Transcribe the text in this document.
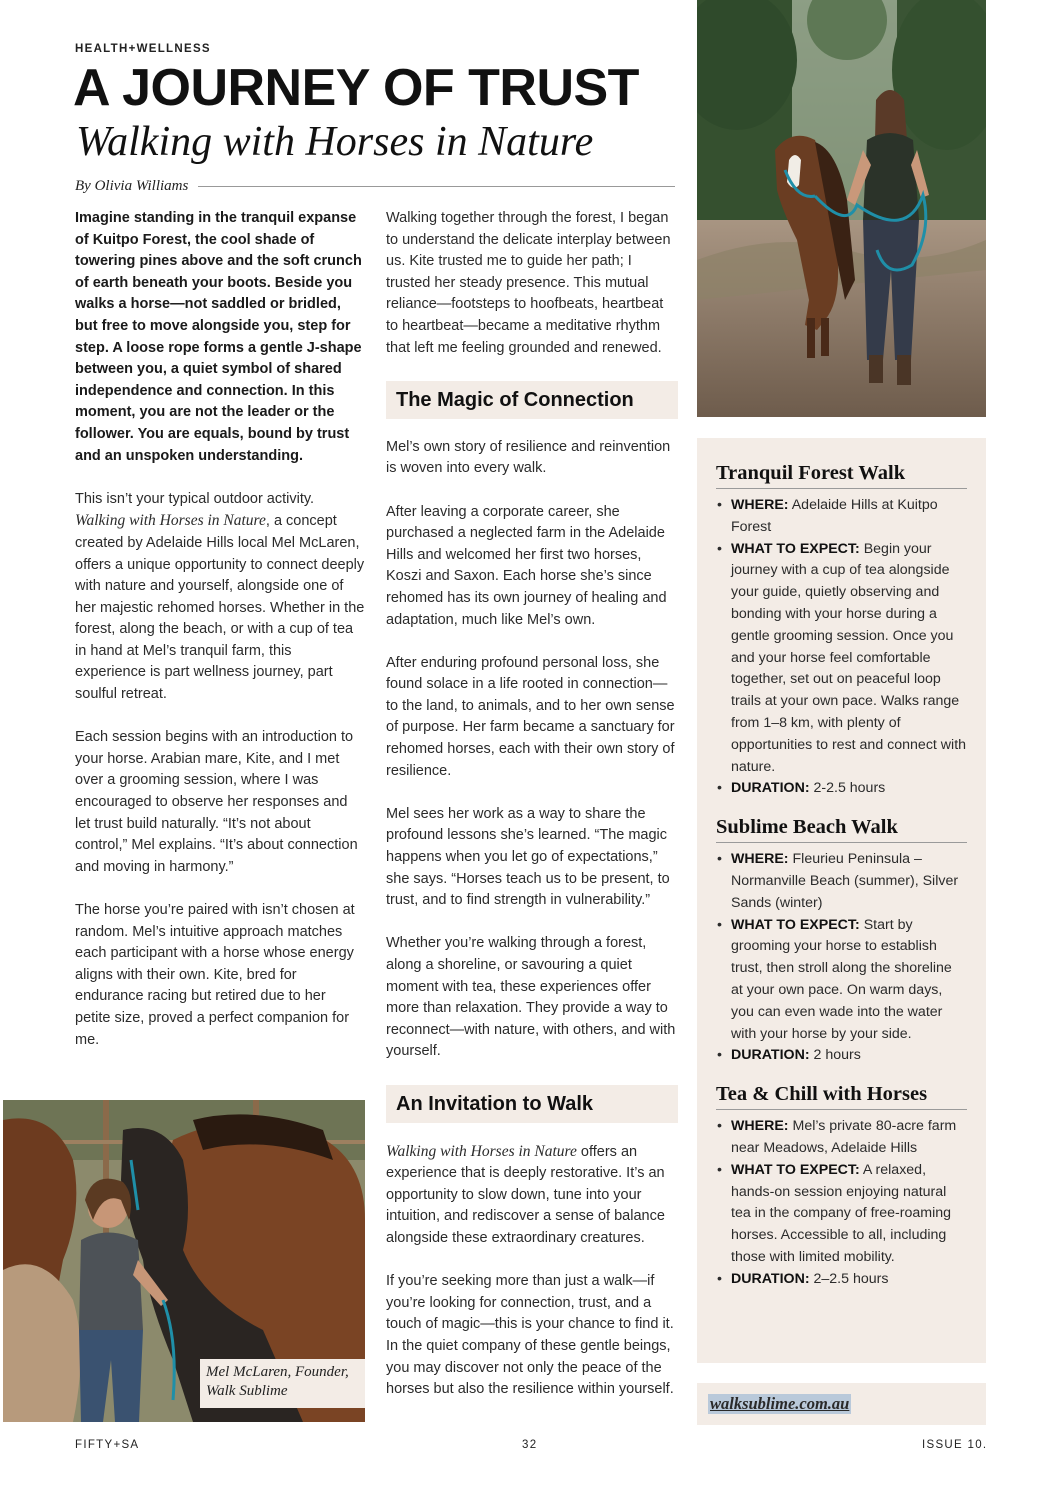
HEALTH+WELLNESS
A JOURNEY OF TRUST
Walking with Horses in Nature
By Olivia Williams

Imagine standing in the tranquil expanse of Kuitpo Forest, the cool shade of towering pines above and the soft crunch of earth beneath your boots. Beside you walks a horse—not saddled or bridled, but free to move alongside you, step for step. A loose rope forms a gentle J-shape between you, a quiet symbol of shared independence and connection. In this moment, you are not the leader or the follower. You are equals, bound by trust and an unspoken understanding.

This isn’t your typical outdoor activity. Walking with Horses in Nature, a concept created by Adelaide Hills local Mel McLaren, offers a unique opportunity to connect deeply with nature and yourself, alongside one of her majestic rehomed horses. Whether in the forest, along the beach, or with a cup of tea in hand at Mel’s tranquil farm, this experience is part wellness journey, part soulful retreat.

Each session begins with an introduction to your horse. Arabian mare, Kite, and I met over a grooming session, where I was encouraged to observe her responses and let trust build naturally. “It’s not about control,” Mel explains. “It’s about connection and moving in harmony.”

The horse you’re paired with isn’t chosen at random. Mel’s intuitive approach matches each participant with a horse whose energy aligns with their own. Kite, bred for endurance racing but retired due to her petite size, proved a perfect companion for me.

Walking together through the forest, I began to understand the delicate interplay between us. Kite trusted me to guide her path; I trusted her steady presence. This mutual reliance—footsteps to hoofbeats, heartbeat to heartbeat—became a meditative rhythm that left me feeling grounded and renewed.

The Magic of Connection

Mel’s own story of resilience and reinvention is woven into every walk.

After leaving a corporate career, she purchased a neglected farm in the Adelaide Hills and welcomed her first two horses, Koszi and Saxon. Each horse she’s since rehomed has its own journey of healing and adaptation, much like Mel’s own.

After enduring profound personal loss, she found solace in a life rooted in connection—to the land, to animals, and to her own sense of purpose. Her farm became a sanctuary for rehomed horses, each with their own story of resilience.

Mel sees her work as a way to share the profound lessons she’s learned. “The magic happens when you let go of expectations,” she says. “Horses teach us to be present, to trust, and to find strength in vulnerability.”

Whether you’re walking through a forest, along a shoreline, or savouring a quiet moment with tea, these experiences offer more than relaxation. They provide a way to reconnect—with nature, with others, and with yourself.

An Invitation to Walk

Walking with Horses in Nature offers an experience that is deeply restorative. It’s an opportunity to slow down, tune into your intuition, and rediscover a sense of balance alongside these extraordinary creatures.

If you’re seeking more than just a walk—if you’re looking for connection, trust, and a touch of magic—this is your chance to find it. In the quiet company of these gentle beings, you may discover not only the peace of the horses but also the resilience within yourself.

Mel McLaren, Founder,
Walk Sublime
Tranquil Forest Walk
• WHERE: Adelaide Hills at Kuitpo Forest
• WHAT TO EXPECT: Begin your journey with a cup of tea alongside your guide, quietly observing and bonding with your horse during a gentle grooming session. Once you and your horse feel comfortable together, set out on peaceful loop trails at your own pace. Walks range from 1–8 km, with plenty of opportunities to rest and connect with nature.
• DURATION: 2-2.5 hours
Sublime Beach Walk
• WHERE: Fleurieu Peninsula – Normanville Beach (summer), Silver Sands (winter)
• WHAT TO EXPECT: Start by grooming your horse to establish trust, then stroll along the shoreline at your own pace. On warm days, you can even wade into the water with your horse by your side.
• DURATION: 2 hours
Tea & Chill with Horses
• WHERE: Mel’s private 80-acre farm near Meadows, Adelaide Hills
• WHAT TO EXPECT: A relaxed, hands-on session enjoying natural tea in the company of free-roaming horses. Accessible to all, including those with limited mobility.
• DURATION: 2–2.5 hours
walksublime.com.au
FIFTY+SA	32	ISSUE 10.
